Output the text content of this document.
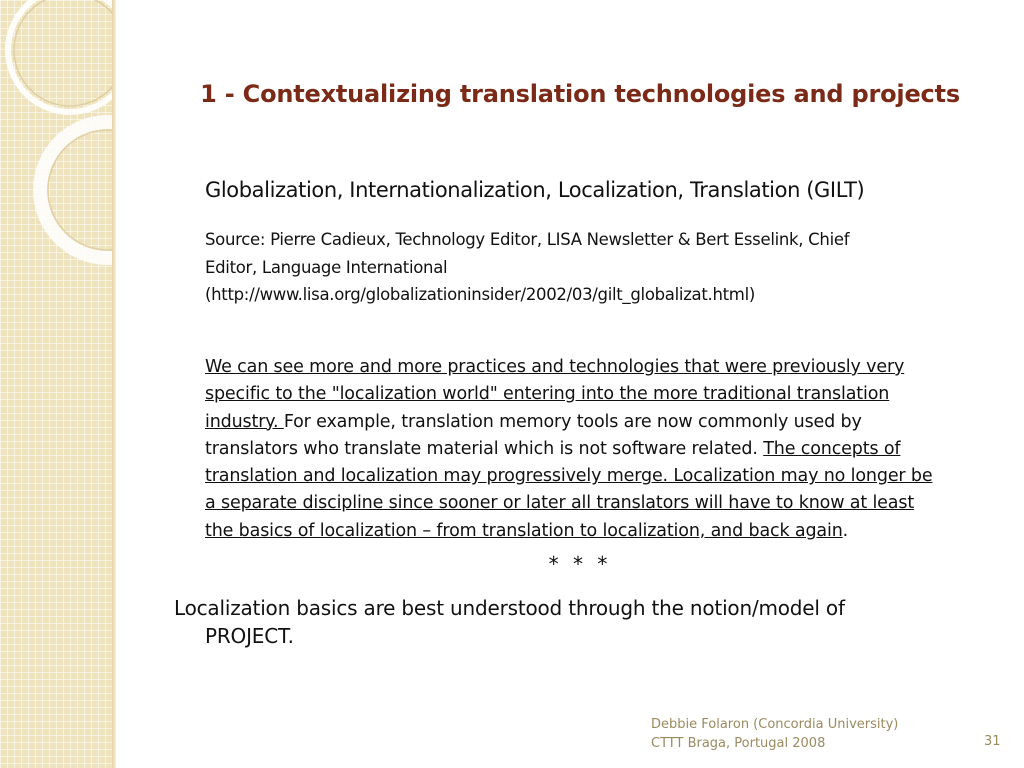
1 - Contextualizing translation technologies and projects
Globalization, Internationalization, Localization, Translation (GILT)
Source: Pierre Cadieux, Technology Editor, LISA Newsletter & Bert Esselink, Chief
Editor, Language International
(http://www.lisa.org/globalizationinsider/2002/03/gilt_globalizat.html)
We can see more and more practices and technologies that were previously very
specific to the "localization world" entering into the more traditional translation
industry. For example, translation memory tools are now commonly used by
translators who translate material which is not software related. The concepts of
translation and localization may progressively merge. Localization may no longer be
a separate discipline since sooner or later all translators will have to know at least
the basics of localization – from translation to localization, and back again.
* * *
Localization basics are best understood through the notion/model of
PROJECT.
Debbie Folaron (Concordia University)
CTTT Braga, Portugal 2008	31
